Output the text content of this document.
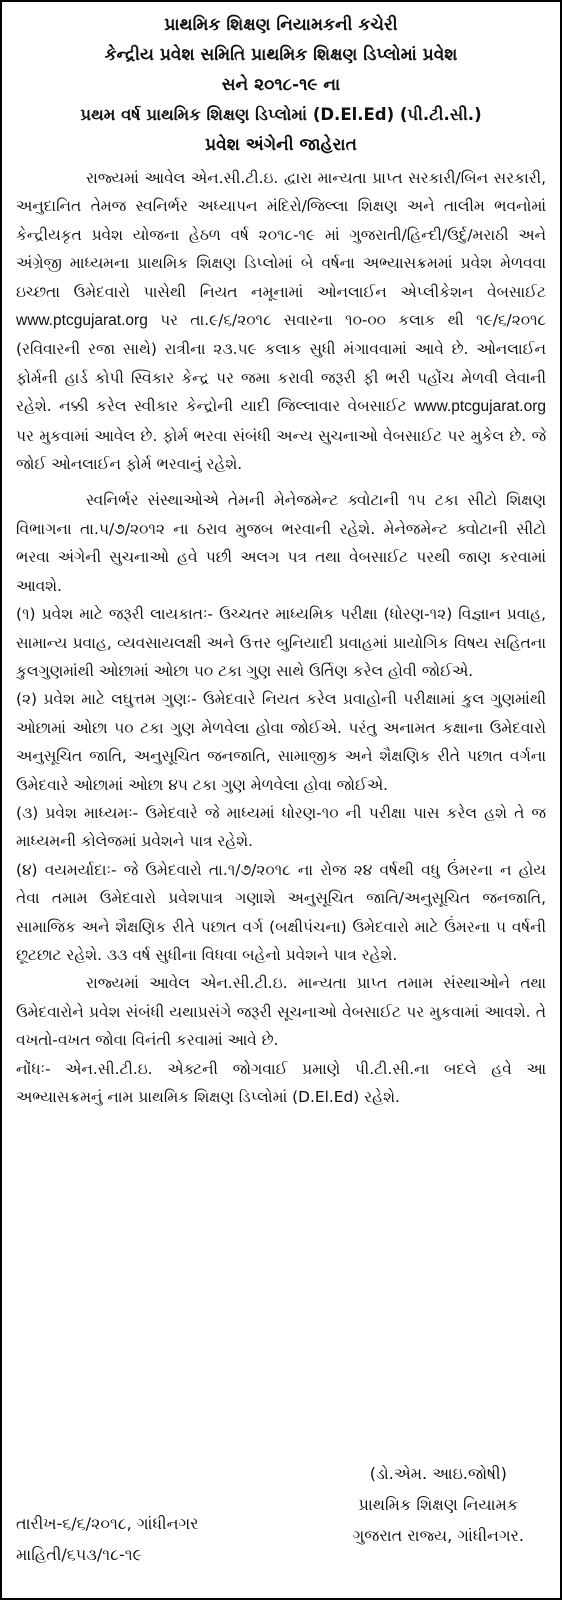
પ્રાથમિક શિક્ષણ નિયામકની કચેરી
કેન્દ્રીય પ્રવેશ સમિતિ પ્રાથમિક શિક્ષણ ડિપ્લોમાં પ્રવેશ
સને ૨૦૧૮-૧૯ ના
પ્રથમ વર્ષ પ્રાથમિક શિક્ષણ ડિપ્લોમાં (D.El.Ed) (પી.ટી.સી.)
પ્રવેશ અંગેની જાહેરાત

રાજ્યમાં આવેલ એન.સી.ટી.ઇ. દ્વારા માન્યતા પ્રાપ્ત સરકારી/બિન સરકારી, અનુદાનિત તેમજ સ્વનિર્ભર અધ્યાપન મંદિરો/જિલ્લા શિક્ષણ અને તાલીમ ભવનોમાં કેન્દ્રીયકૃત પ્રવેશ યોજના હેઠળ વર્ષ ૨૦૧૮-૧૯ માં ગુજરાતી/હિન્દી/ઉર્દુ/મરાઠી અને અંગ્રેજી માધ્યમના પ્રાથમિક શિક્ષણ ડિપ્લોમાં બે વર્ષના અભ્યાસક્રમમાં પ્રવેશ મેળવવા ઇચ્છતા ઉમેદવારો પાસેથી નિયત નમૂનામાં ઓનલાઈન એપ્લીકેશન વેબસાઈટ www.ptcgujarat.org પર તા.૯/૬/૨૦૧૮ સવારના ૧૦-૦૦ કલાક થી ૧૯/૬/૨૦૧૮ (રવિવારની રજા સાથે) રાત્રીના ૨૩.૫૯ કલાક સુધી મંગાવવામાં આવે છે. ઓનલાઈન ફોર્મની હાર્ડ કોપી સ્વિકાર કેન્દ્ર પર જમા કરાવી જરૂરી ફી ભરી પહોંચ મેળવી લેવાની રહેશે. નક્કી કરેલ સ્વીકાર કેન્દ્રોની યાદી જિલ્લાવાર વેબસાઈટ www.ptcgujarat.org પર મુકવામાં આવેલ છે. ફોર્મ ભરવા સંબંધી અન્ય સુચનાઓ વેબસાઈટ પર મુકેલ છે. જે જોઈ ઓનલાઈન ફોર્મ ભરવાનું રહેશે.

સ્વનિર્ભર સંસ્થાઓએ તેમની મેનેજમેન્ટ ક્વોટાની ૧૫ ટકા સીટો શિક્ષણ વિભાગના તા.૫/૭/૨૦૧૨ ના ઠરાવ મુજબ ભરવાની રહેશે. મેનેજમેન્ટ ક્વોટાની સીટો ભરવા અંગેની સુચનાઓ હવે પછી અલગ પત્ર તથા વેબસાઈટ પરથી જાણ કરવામાં આવશે.

(૧) પ્રવેશ માટે જરૂરી લાયકાતઃ- ઉચ્ચતર માધ્યમિક પરીક્ષા (ધોરણ-૧૨) વિજ્ઞાન પ્રવાહ, સામાન્ય પ્રવાહ, વ્યવસાયલક્ષી અને ઉત્તર બુનિયાદી પ્રવાહમાં પ્રાયોગિક વિષય સહિતના કુલગુણમાંથી ઓછામાં ઓછા ૫૦ ટકા ગુણ સાથે ઉર્તિણ કરેલ હોવી જોઈએ.

(૨) પ્રવેશ માટે લઘુત્તમ ગુણઃ- ઉમેદવારે નિયત કરેલ પ્રવાહોની પરીક્ષામાં કુલ ગુણમાંથી ઓછામાં ઓછા ૫૦ ટકા ગુણ મેળવેલા હોવા જોઈએ. પરંતુ અનામત કક્ષાના ઉમેદવારો અનુસૂચિત જાતિ, અનુસૂચિત જનજાતિ, સામાજીક અને શૈક્ષણિક રીતે પછાત વર્ગના ઉમેદવારે ઓછામાં ઓછા ૪૫ ટકા ગુણ મેળવેલા હોવા જોઈએ.

(૩) પ્રવેશ માધ્યમઃ- ઉમેદવારે જે માધ્યમાં ધોરણ-૧૦ ની પરીક્ષા પાસ કરેલ હશે તે જ માધ્યમની કોલેજમાં પ્રવેશને પાત્ર રહેશે.

(૪) વયમર્યાદાઃ- જે ઉમેદવારો તા.૧/૭/૨૦૧૮ ના રોજ ૨૪ વર્ષથી વધુ ઉંમરના ન હોય તેવા તમામ ઉમેદવારો પ્રવેશપાત્ર ગણાશે અનુસૂચિત જાતિ/અનુસૂચિત જનજાતિ, સામાજિક અને શૈક્ષણિક રીતે પછાત વર્ગ (બક્ષીપંચના) ઉમેદવારો માટે ઉંમરના ૫ વર્ષની છૂટછાટ રહેશે. ૩૩ વર્ષ સુધીના વિધવા બહેનો પ્રવેશને પાત્ર રહેશે.

રાજ્યમાં આવેલ એન.સી.ટી.ઇ. માન્યતા પ્રાપ્ત તમામ સંસ્થાઓને તથા ઉમેદવારોને પ્રવેશ સંબંધી યથાપ્રસંગે જરૂરી સૂચનાઓ વેબસાઈટ પર મુકવામાં આવશે. તે વખતો-વખત જોવા વિનંતી કરવામાં આવે છે.

નોંધઃ- એન.સી.ટી.ઇ. એક્ટની જોગવાઈ પ્રમાણે પી.ટી.સી.ના બદલે હવે આ અભ્યાસક્રમનું નામ પ્રાથમિક શિક્ષણ ડિપ્લોમાં (D.El.Ed) રહેશે.

(ડો.એમ. આઇ.જોષી)
પ્રાથમિક શિક્ષણ નિયામક
ગુજરાત રાજ્ય, ગાંધીનગર.
તારીખ-૬/૬/૨૦૧૮, ગાંધીનગર
માહિતી/૬૫૩/૧૮-૧૯
